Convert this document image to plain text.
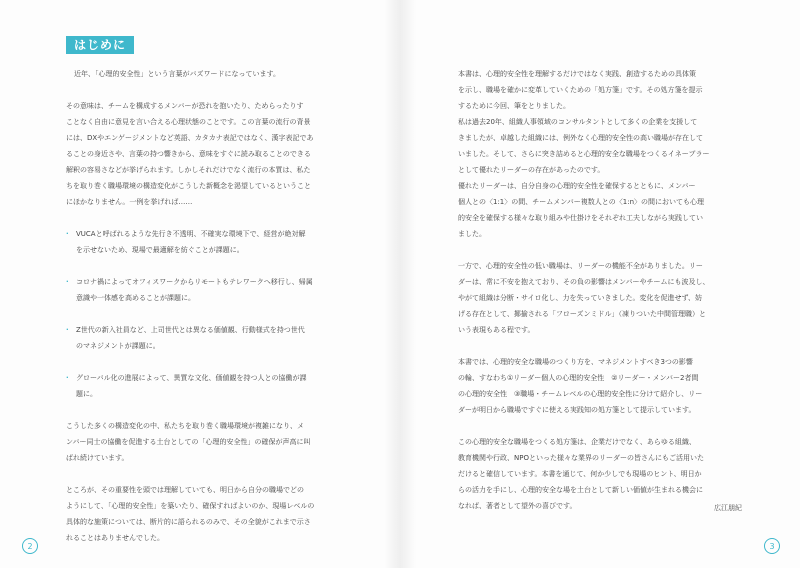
はじめに
近年、「心理的安全性」という言葉がバズワードになっています。
その意味は、チームを構成するメンバーが恐れを抱いたり、ためらったりす
ことなく自由に意見を言い合える心理状態のことです。この言葉の流行の背景
には、DXやエンゲージメントなど英語、カタカナ表記ではなく、漢字表記であ
ることの身近さや、言葉の持つ響きから、意味をすぐに読み取ることのできる
解釈の容易さなどが挙げられます。しかしそれだけでなく流行の本質は、私た
ちを取り巻く職場環境の構造変化がこうした新概念を渇望しているということ
にほかなりません。一例を挙げれば……
· VUCAと呼ばれるような先行き不透明、不確実な環境下で、経営が絶対解
を示せないため、現場で最適解を紡ぐことが課題に。
· コロナ禍によってオフィスワークからリモートもテレワークへ移行し、帰属
意識や一体感を高めることが課題に。
· Z世代の新入社員など、上司世代とは異なる価値観、行動様式を持つ世代
のマネジメントが課題に。
· グローバル化の進展によって、異質な文化、価値観を持つ人との協働が課
題に。
こうした多くの構造変化の中、私たちを取り巻く職場環境が複雑になり、メ
ンバー同士の協働を促進する土台としての「心理的安全性」の確保が声高に叫
ばれ続けています。
ところが、その重要性を頭では理解していても、明日から自分の職場でどの
ようにして、「心理的安全性」を築いたり、確保すればよいのか、現場レベルの
具体的な施策については、断片的に語られるのみで、その全貌がこれまで示さ
れることはありませんでした。
2
本書は、心理的安全性を理解するだけではなく実践、創造するための具体策
を示し、職場を確かに変革していくための「処方箋」です。その処方箋を提示
するために今回、筆をとりました。
私は過去20年、組織人事領域のコンサルタントとして多くの企業を支援して
きましたが、卓越した組織には、例外なく心理的安全性の高い職場が存在して
いました。そして、さらに突き詰めると心理的安全な職場をつくるイネーブラー
として優れたリーダーの存在があったのです。
優れたリーダーは、自分自身の心理的安全性を確保するとともに、メンバー
個人との〈1:1〉の間、チームメンバー複数人との〈1:n〉の間においても心理
的安全を確保する様々な取り組みや仕掛けをそれぞれ工夫しながら実践してい
ました。
一方で、心理的安全性の低い職場は、リーダーの機能不全がありました。リー
ダーは、常に不安を抱えており、その負の影響はメンバーやチームにも波及し、
やがて組織は分断・サイロ化し、力を失っていきました。変化を促進せず、妨
げる存在として、揶揄される「フローズンミドル」（凍りついた中間管理職）と
いう表現もある程です。
本書では、心理的安全な職場のつくり方を、マネジメントすべき3つの影響
の輪、すなわち①リーダー個人の心理的安全性　②リーダー・メンバー2者間
の心理的安全性　③職場・チームレベルの心理的安全性に分けて紹介し、リー
ダーが明日から職場ですぐに使える実践知の処方箋として提示しています。
この心理的安全な職場をつくる処方箋は、企業だけでなく、あらゆる組織、
教育機関や行政、NPOといった様々な業界のリーダーの皆さんにもご活用いた
だけると確信しています。本書を通じて、何か少しでも現場のヒント、明日か
らの活力を手にし、心理的安全な場を土台として新しい価値が生まれる機会に
なれば、著者として望外の喜びです。	広江朋紀
3
